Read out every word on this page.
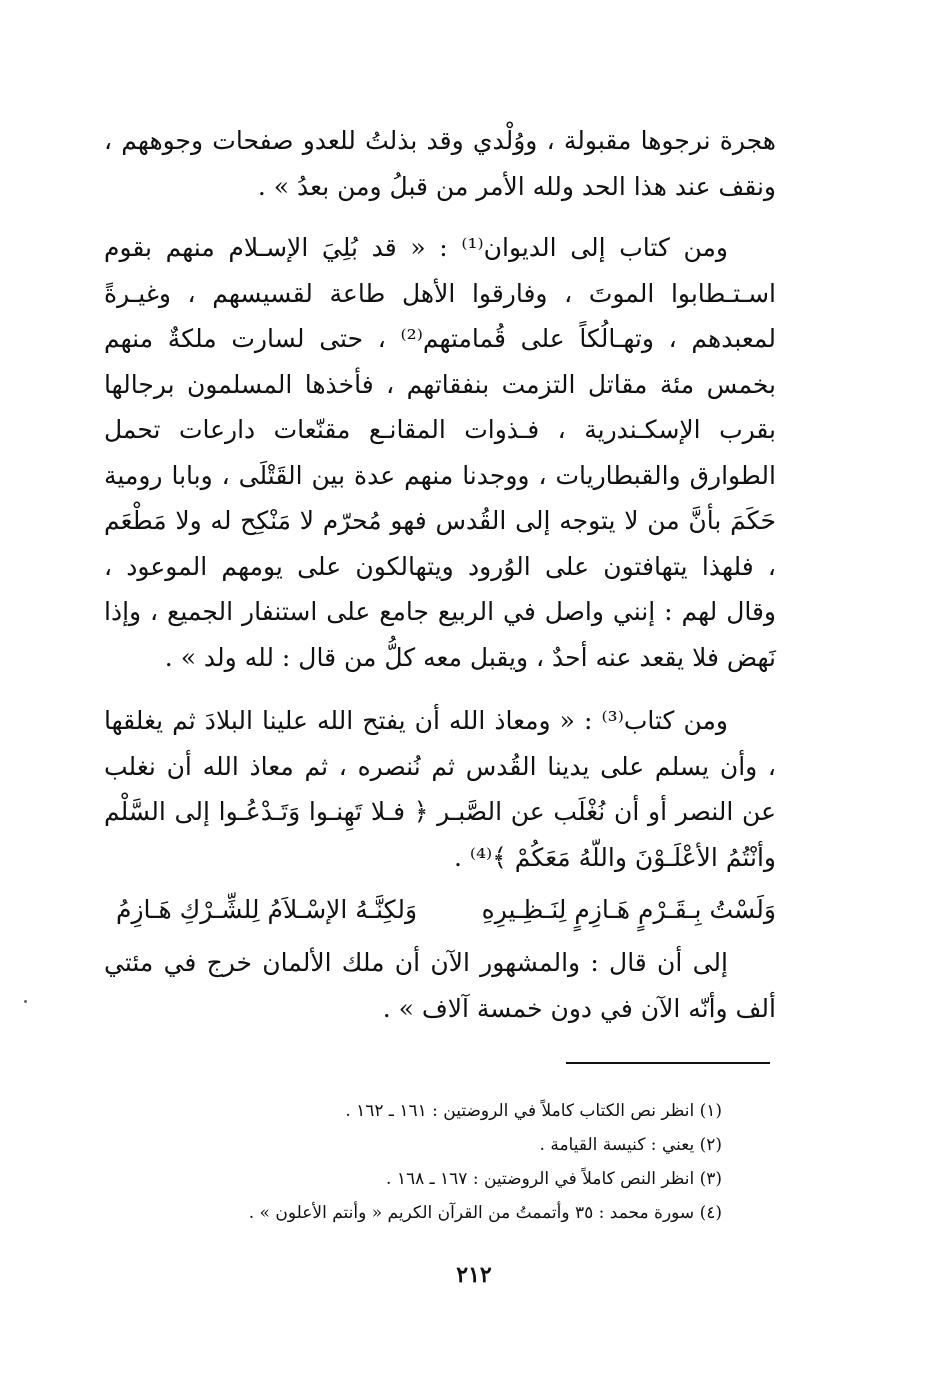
هجرة نرجوها مقبولة ، ووُلْدي وقد بذلتُ للعدو صفحات وجوههم ، ونقف عند هذا الحد ولله الأمر من قبلُ ومن بعدُ » .

ومن كتاب إلى الديوان⁽¹⁾ : « قد بُلِيَ الإسـلام منهم بقوم اسـتـطابوا الموتَ ، وفارقوا الأهل طاعة لقسيسهم ، وغيـرةً لمعبدهم ، وتهـالُكاً على قُمامتهم⁽²⁾ ، حتى لسارت ملكةٌ منهم بخمس مئة مقاتل التزمت بنفقاتهم ، فأخذها المسلمون برجالها بقرب الإسكـندرية ، فـذوات المقانـع مقنّعات دارعات تحمل الطوارق والقبطاريات ، ووجدنا منهم عدة بين القَتْلَى ، وبابا رومية حَكَمَ بأنَّ من لا يتوجه إلى القُدس فهو مُحرّم لا مَنْكِح له ولا مَطْعَم ، فلهذا يتهافتون على الوُرود ويتهالكون على يومهم الموعود ، وقال لهم : إنني واصل في الربيع جامع على استنفار الجميع ، وإذا نَهض فلا يقعد عنه أحدٌ ، ويقبل معه كلُّ من قال : لله ولد » .

ومن كتاب⁽³⁾ : « ومعاذ الله أن يفتح الله علينا البلادَ ثم يغلقها ، وأن يسلم على يدينا القُدس ثم نُنصره ، ثم معاذ الله أن نغلب عن النصر أو أن نُغْلَب عن الصَّبـر ﴿ فـلا تَهِنـوا وَتَـدْعُـوا إلى السَّلْم وأنْتُمُ الأعْلَـوْنَ واللّهُ مَعَكُمْ ﴾⁽⁴⁾ .

وَلَسْتُ بِـقَـرْمٍ هَـازِمٍ لِنَـظِـيرِهِ
وَلكِنَّـهُ الإسْـلاَمُ لِلشِّـرْكِ هَـازِمُ

إلى أن قال : والمشهور الآن أن ملك الألمان خرج في مئتي ألف وأنّه الآن في دون خمسة آلاف » .

(١) انظر نص الكتاب كاملاً في الروضتين : ١٦١ ـ ١٦٢ .

(٢) يعني : كنيسة القيامة .

(٣) انظر النص كاملاً في الروضتين : ١٦٧ ـ ١٦٨ .

(٤) سورة محمد : ٣٥ وأتممتُ من القرآن الكريم « وأنتم الأعلون » .

٢١٢
